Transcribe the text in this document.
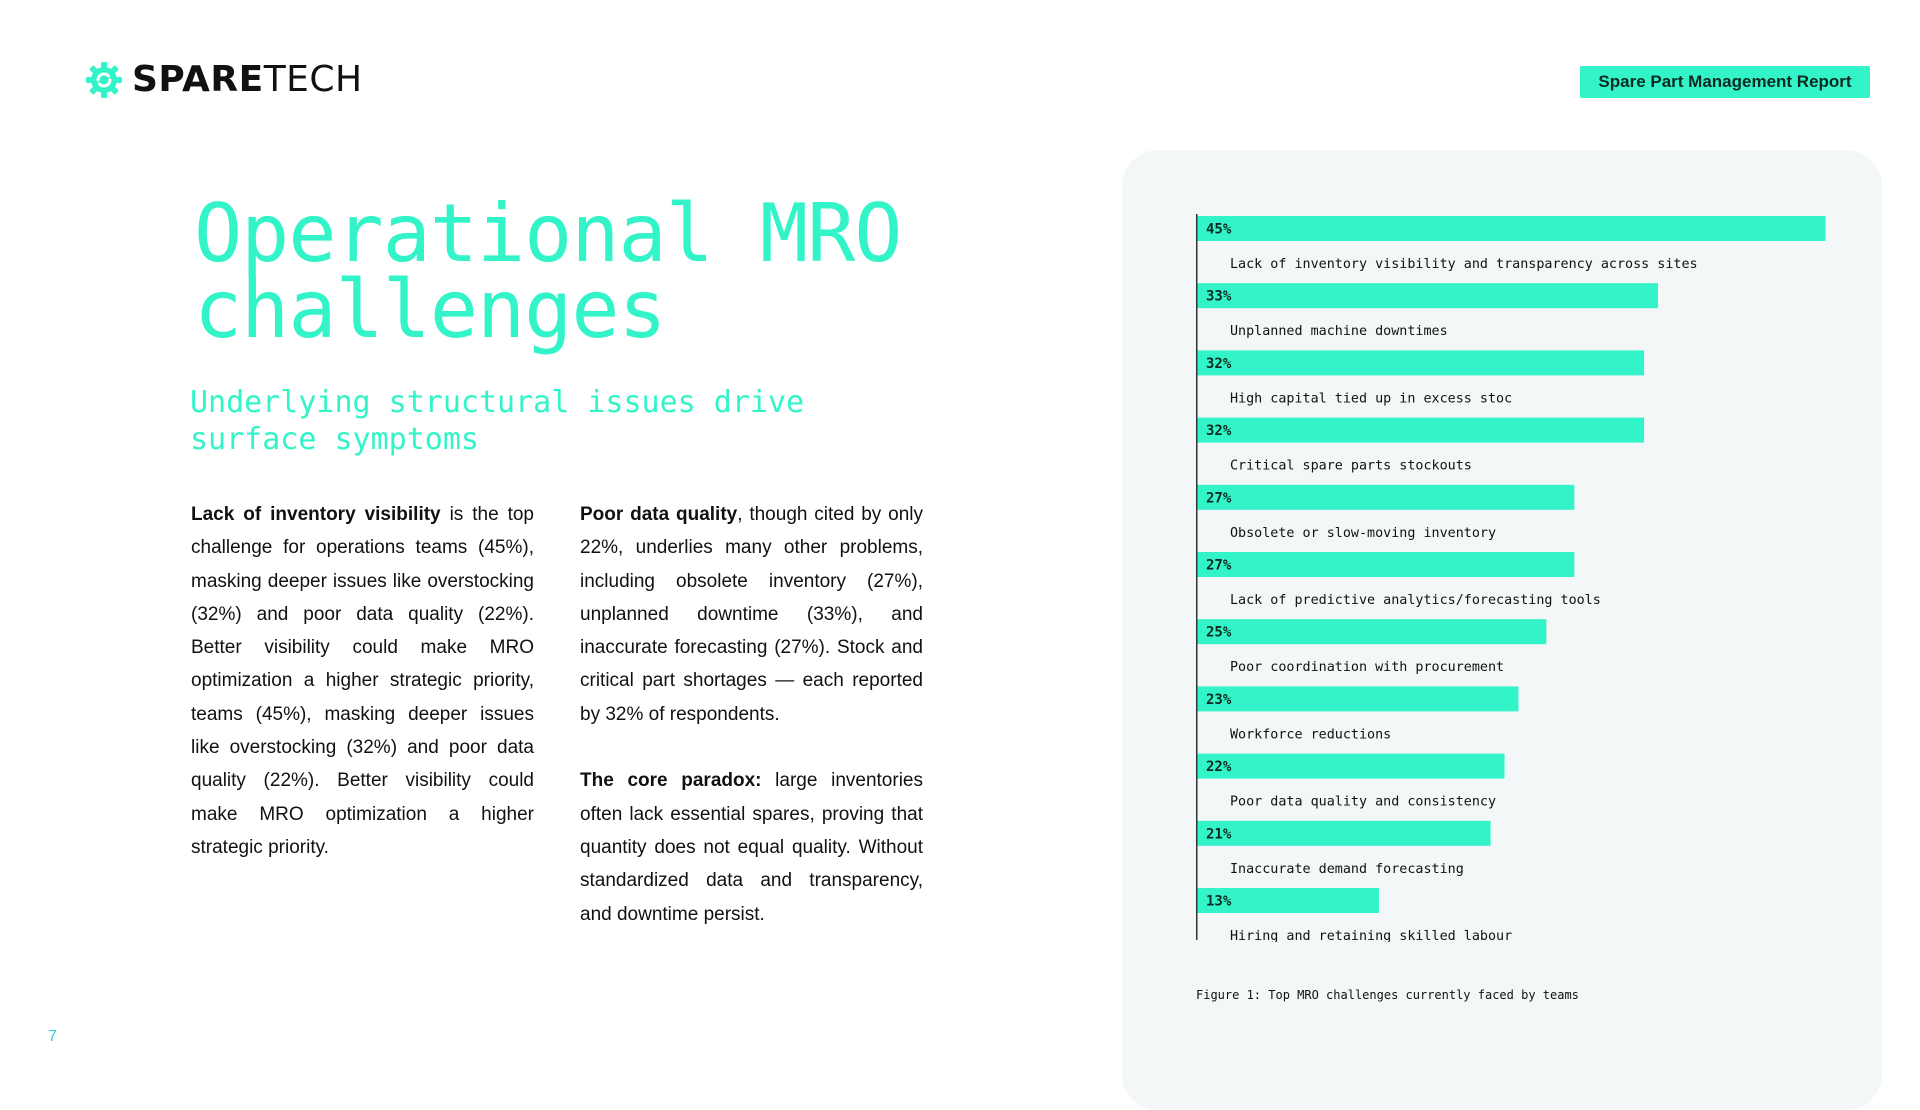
SPARETECH	Spare Part Management Report
Operational MRO
challenges
Underlying structural issues drive
surface symptoms

Lack of inventory visibility is the top challenge for operations teams (45%), masking deeper issues like overstocking (32%) and poor data quality (22%). Better visibility could make MRO optimization a higher strategic priority, teams (45%), masking deeper issues like overstocking (32%) and poor data quality (22%). Better visibility could make MRO optimization a higher strategic priority.

Poor data quality, though cited by only 22%, underlies many other problems, including obsolete inventory (27%), unplanned downtime (33%), and inaccurate forecasting (27%). Stock and critical part shortages — each reported by 32% of respondents.

The core paradox: large inventories often lack essential spares, proving that quantity does not equal quality. Without standardized data and transparency, and downtime persist.

45%
Lack of inventory visibility and transparency across sites
33%
Unplanned machine downtimes
32%
High capital tied up in excess stoc
32%
Critical spare parts stockouts
27%
Obsolete or slow-moving inventory
27%
Lack of predictive analytics/forecasting tools
25%
Poor coordination with procurement
23%
Workforce reductions
22%
Poor data quality and consistency
21%
Inaccurate demand forecasting
13%
Hiring and retaining skilled labour
Figure 1: Top MRO challenges currently faced by teams
7
